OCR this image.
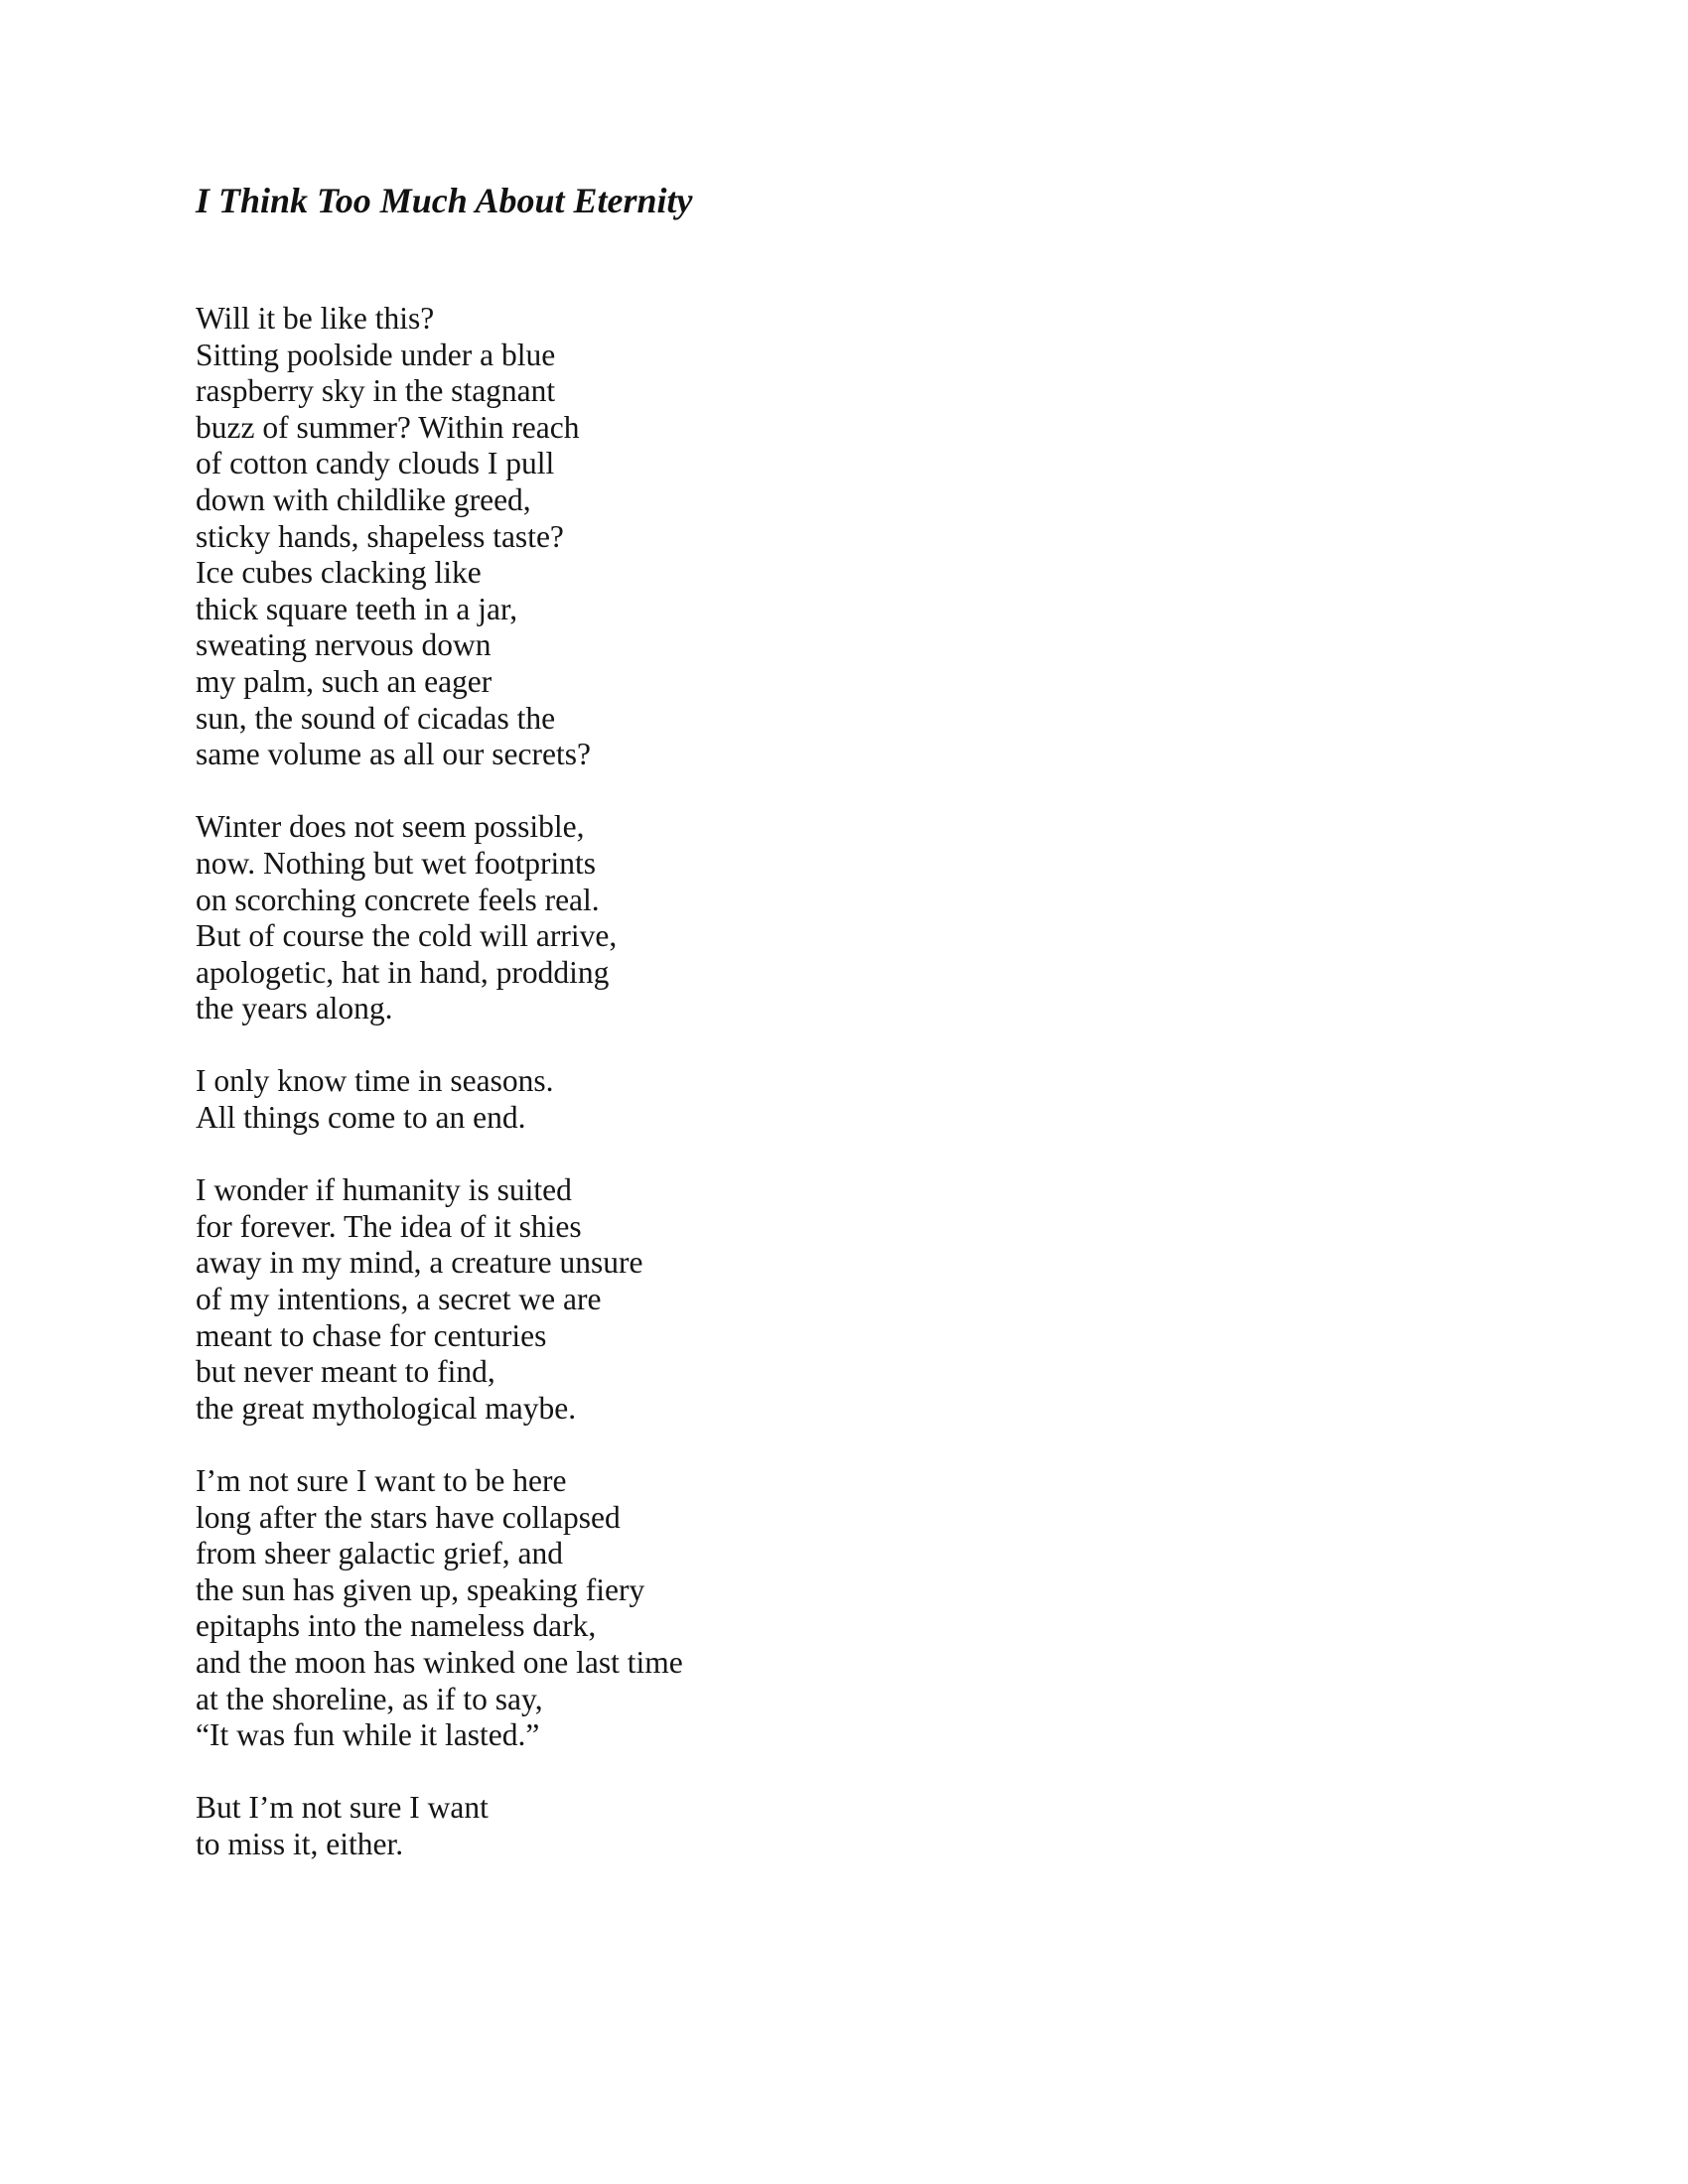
I Think Too Much About Eternity
Will it be like this?
Sitting poolside under a blue
raspberry sky in the stagnant
buzz of summer? Within reach
of cotton candy clouds I pull
down with childlike greed,
sticky hands, shapeless taste?
Ice cubes clacking like
thick square teeth in a jar,
sweating nervous down
my palm, such an eager
sun, the sound of cicadas the
same volume as all our secrets?
Winter does not seem possible,
now. Nothing but wet footprints
on scorching concrete feels real.
But of course the cold will arrive,
apologetic, hat in hand, prodding
the years along.
I only know time in seasons.
All things come to an end.
I wonder if humanity is suited
for forever. The idea of it shies
away in my mind, a creature unsure
of my intentions, a secret we are
meant to chase for centuries
but never meant to find,
the great mythological maybe.
I’m not sure I want to be here
long after the stars have collapsed
from sheer galactic grief, and
the sun has given up, speaking fiery
epitaphs into the nameless dark,
and the moon has winked one last time
at the shoreline, as if to say,
“It was fun while it lasted.”
But I’m not sure I want
to miss it, either.
